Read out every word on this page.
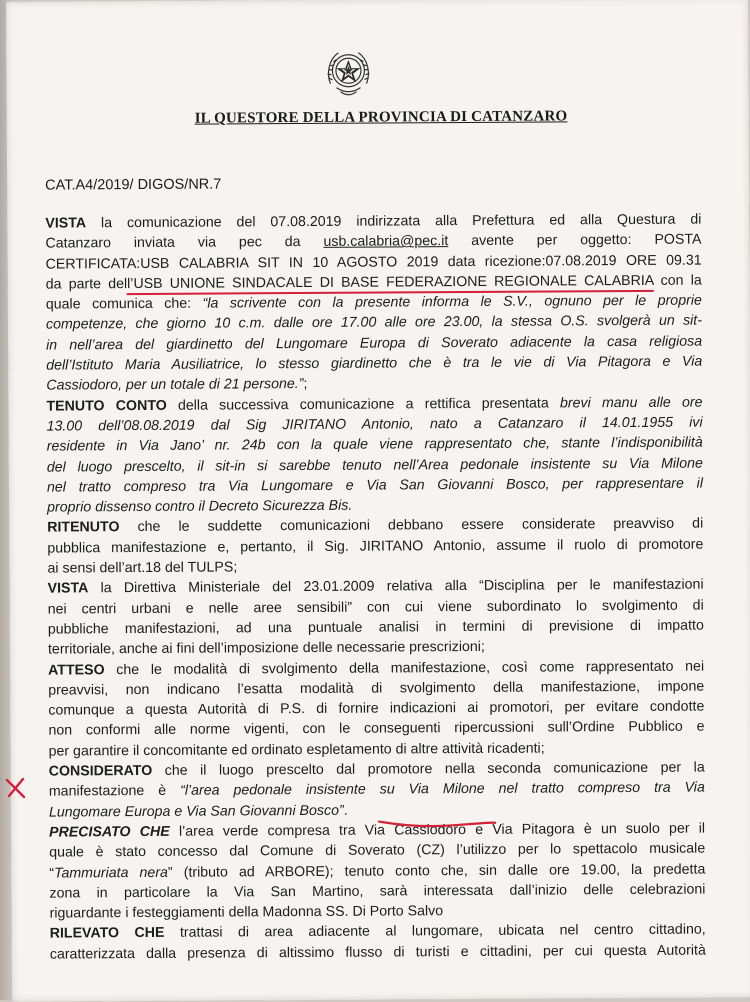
IL QUESTORE DELLA PROVINCIA DI CATANZARO
CAT.A4/2019/ DIGOS/NR.7

VISTA la comunicazione del 07.08.2019 indirizzata alla Prefettura ed alla Questura di
Catanzaro inviata via pec da usb.calabria@pec.it avente per oggetto: POSTA
CERTIFICATA:USB CALABRIA SIT IN 10 AGOSTO 2019 data ricezione:07.08.2019 ORE 09.31
da parte dell’USB UNIONE SINDACALE DI BASE FEDERAZIONE REGIONALE CALABRIA con la
quale comunica che: “la scrivente con la presente informa le S.V., ognuno per le proprie
competenze, che giorno 10 c.m. dalle ore 17.00 alle ore 23.00, la stessa O.S. svolgerà un sit-
in nell’area del giardinetto del Lungomare Europa di Soverato adiacente la casa religiosa
dell’Istituto Maria Ausiliatrice, lo stesso giardinetto che è tra le vie di Via Pitagora e Via
Cassiodoro, per un totale di 21 persone.”;

TENUTO CONTO della successiva comunicazione a rettifica presentata brevi manu alle ore
13.00 dell’08.08.2019 dal Sig JIRITANO Antonio, nato a Catanzaro il 14.01.1955 ivi
residente in Via Jano’ nr. 24b con la quale viene rappresentato che, stante l’indisponibilità
del luogo prescelto, il sit-in si sarebbe tenuto nell’Area pedonale insistente su Via Milone
nel tratto compreso tra Via Lungomare e Via San Giovanni Bosco, per rappresentare il
proprio dissenso contro il Decreto Sicurezza Bis.

RITENUTO che le suddette comunicazioni debbano essere considerate preavviso di
pubblica manifestazione e, pertanto, il Sig. JIRITANO Antonio, assume il ruolo di promotore
ai sensi dell’art.18 del TULPS;

VISTA la Direttiva Ministeriale del 23.01.2009 relativa alla “Disciplina per le manifestazioni
nei centri urbani e nelle aree sensibili” con cui viene subordinato lo svolgimento di
pubbliche manifestazioni, ad una puntuale analisi in termini di previsione di impatto
territoriale, anche ai fini dell’imposizione delle necessarie prescrizioni;

ATTESO che le modalità di svolgimento della manifestazione, così come rappresentato nei
preavvisi, non indicano l’esatta modalità di svolgimento della manifestazione, impone
comunque a questa Autorità di P.S. di fornire indicazioni ai promotori, per evitare condotte
non conformi alle norme vigenti, con le conseguenti ripercussioni sull’Ordine Pubblico e
per garantire il concomitante ed ordinato espletamento di altre attività ricadenti;

CONSIDERATO che il luogo prescelto dal promotore nella seconda comunicazione per la
manifestazione è “l’area pedonale insistente su Via Milone nel tratto compreso tra Via
Lungomare Europa e Via San Giovanni Bosco”.

PRECISATO CHE l’area verde compresa tra Via Cassiodoro e Via Pitagora è un suolo per il
quale è stato concesso dal Comune di Soverato (CZ) l’utilizzo per lo spettacolo musicale
“Tammuriata nera” (tributo ad ARBORE); tenuto conto che, sin dalle ore 19.00, la predetta
zona in particolare la Via San Martino, sarà interessata dall’inizio delle celebrazioni
riguardante i festeggiamenti della Madonna SS. Di Porto Salvo

RILEVATO CHE trattasi di area adiacente al lungomare, ubicata nel centro cittadino,
caratterizzata dalla presenza di altissimo flusso di turisti e cittadini, per cui questa Autorità
